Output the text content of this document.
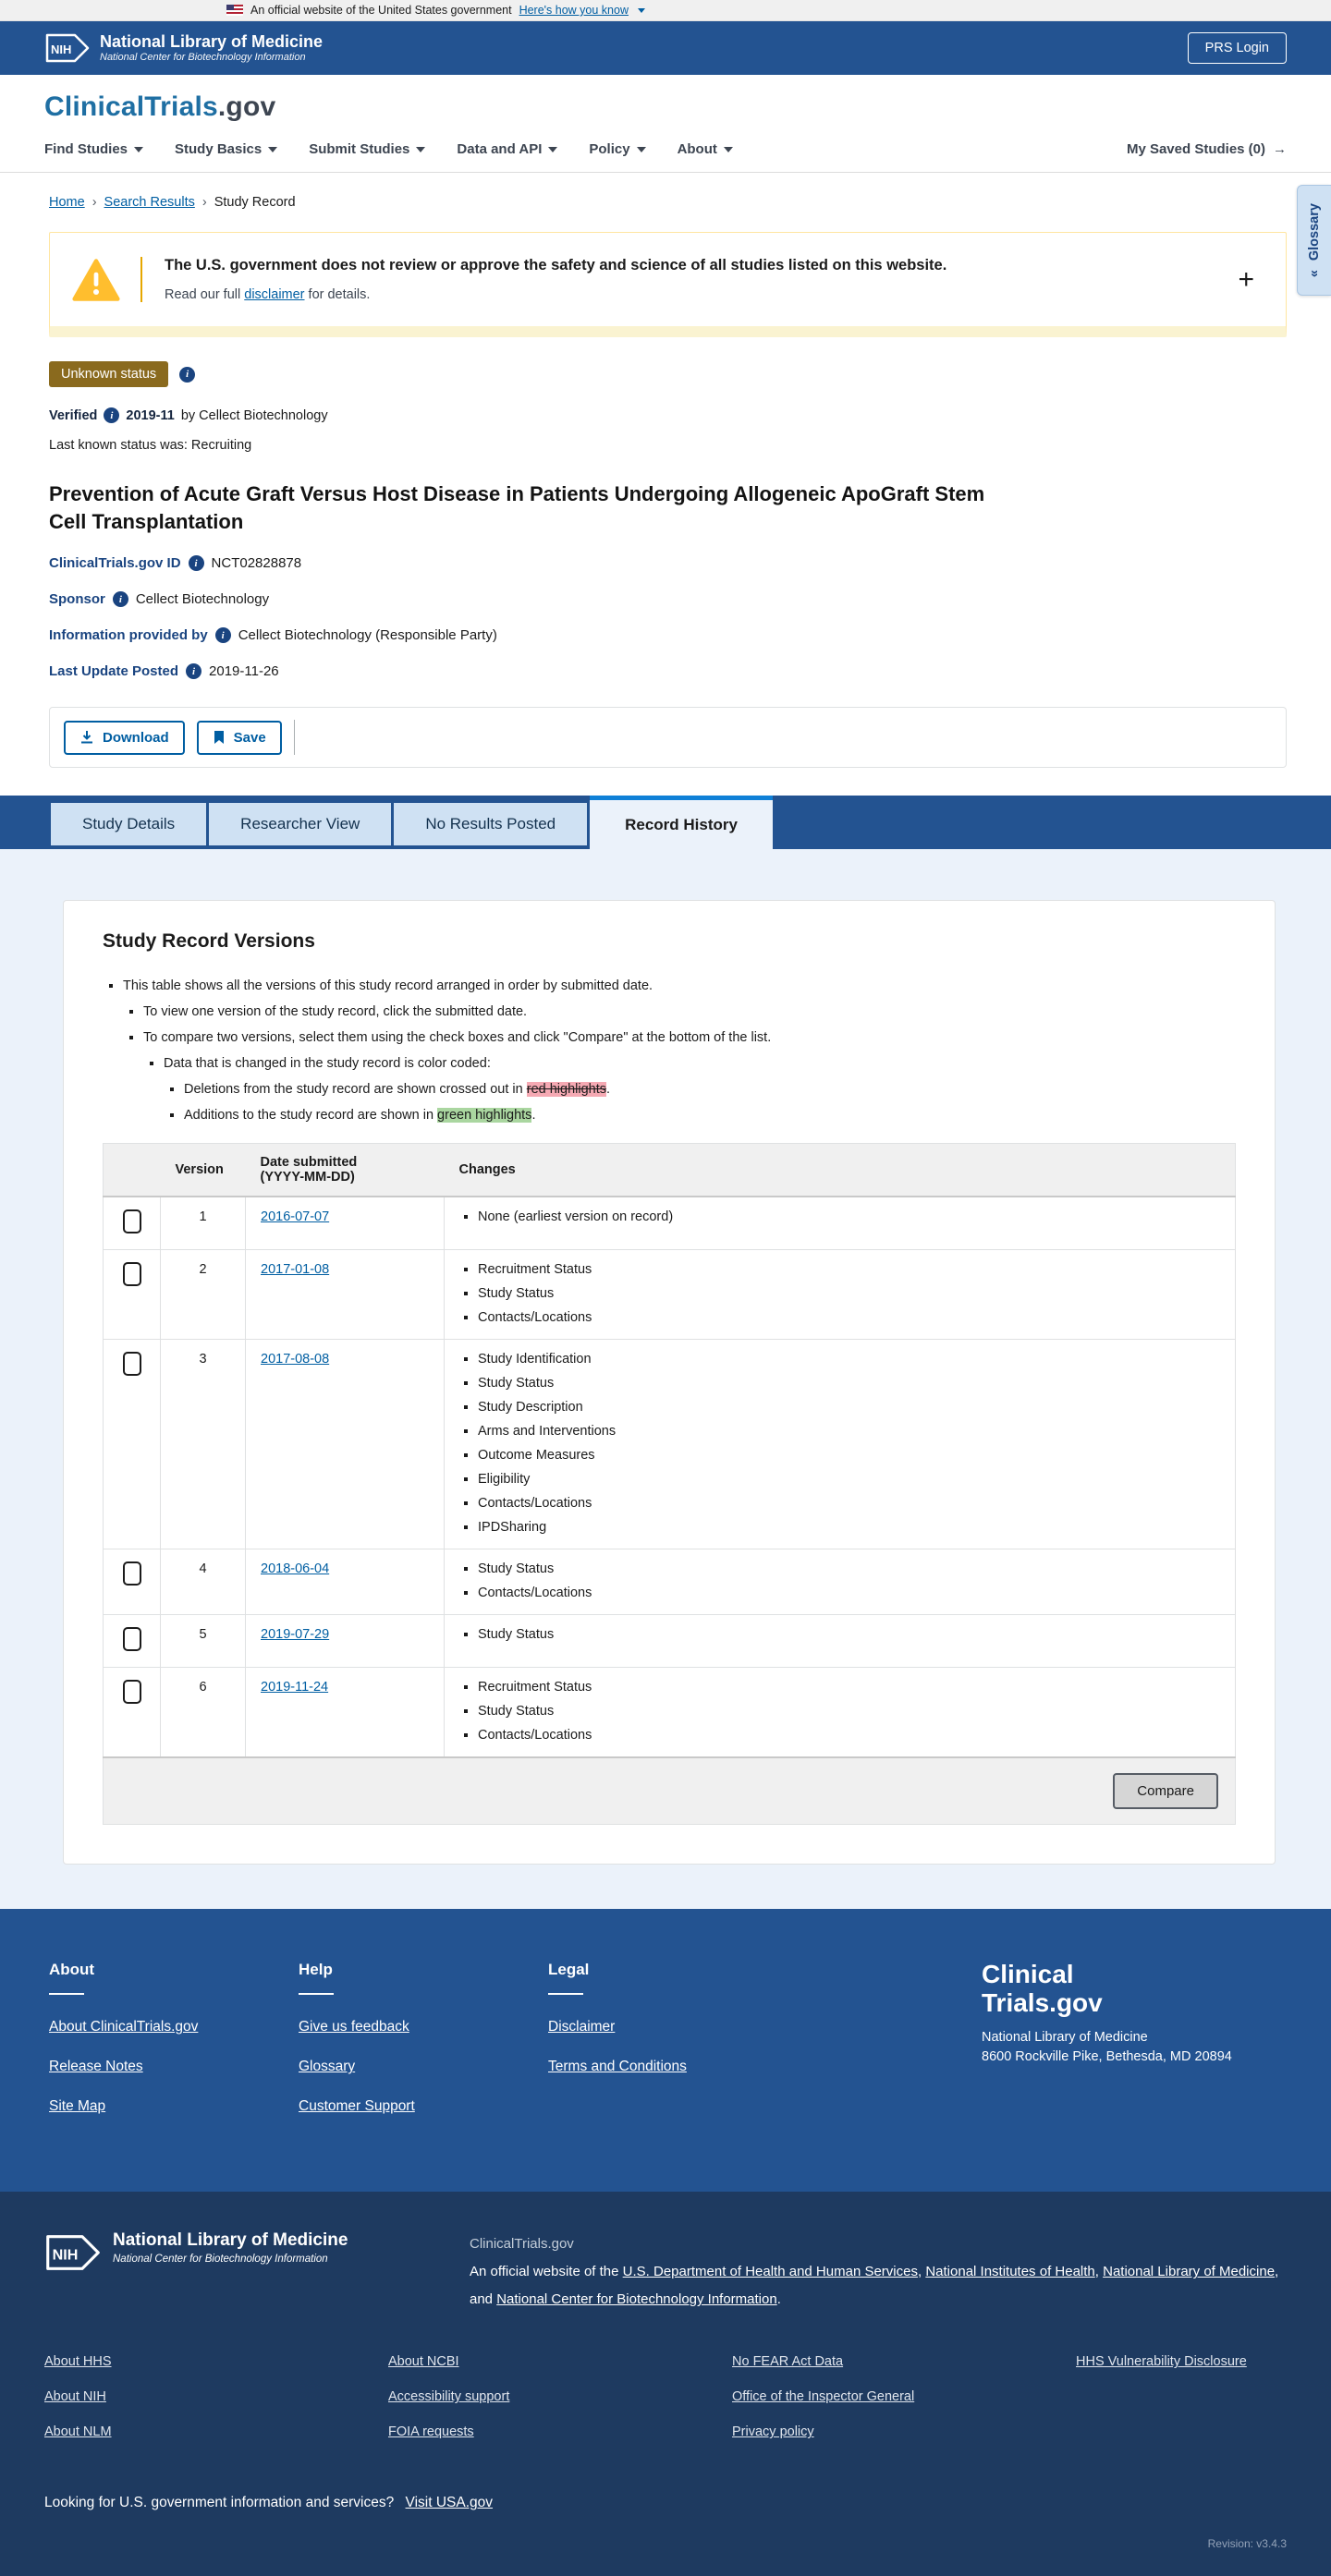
An official website of the United States government Here's how you know
NIH National Library of Medicine
National Center for Biotechnology Information
PRS Login
ClinicalTrials.gov
Find Studies	Study Basics	Submit Studies	Data and API	Policy	About	My Saved Studies (0) →
Home › Search Results › Study Record
«
Glossary
The U.S. government does not review or approve the safety and science of all studies listed on this website.
Read our full disclaimer for details.
+
Unknown status	i
Verified	i 2019-11 by Cellect Biotechnology
Last known status was: Recruiting
Prevention of Acute Graft Versus Host Disease in Patients Undergoing Allogeneic ApoGraft Stem Cell Transplantation
ClinicalTrials.gov ID	i NCT02828878
Sponsor	i Cellect Biotechnology
Information provided by	i Cellect Biotechnology (Responsible Party)
Last Update Posted	i 2019-11-26
Download	Save
Study Details	Researcher View	No Results Posted	Record History
Study Record Versions
▪ This table shows all the versions of this study record arranged in order by submitted date.
▪ To view one version of the study record, click the submitted date.
▪ To compare two versions, select them using the check boxes and click "Compare" at the bottom of the list.
▪ Data that is changed in the study record is color coded:
▪ Deletions from the study record are shown crossed out in red highlights.
▪ Additions to the study record are shown in green highlights.
	Version	Date submitted
(YYYY-MM-DD)	Changes
	1	2016-07-07	
▪None (earliest version on record)

	2	2017-01-08	
▪Recruitment Status
▪ Study Status
▪ Contacts/Locations

	3	2017-08-08	
▪Study Identification
▪ Study Status
▪ Study Description
▪ Arms and Interventions
▪ Outcome Measures
▪ Eligibility
▪ Contacts/Locations
▪ IPDSharing

	4	2018-06-04	
▪Study Status
▪ Contacts/Locations

	5	2019-07-29	
▪Study Status

	6	2019-11-24	
▪Recruitment Status
▪ Study Status
▪ Contacts/Locations

Compare			
About
About ClinicalTrials.gov
Release Notes
Site Map
Help
Give us feedback
Glossary
Customer Support
Legal
Disclaimer
Terms and Conditions
Clinical
Trials.gov
National Library of Medicine
8600 Rockville Pike, Bethesda, MD 20894
NIH
National Library of Medicine
National Center for Biotechnology Information
ClinicalTrials.gov
An official website of the U.S. Department of Health and Human Services, National Institutes of Health, National Library of Medicine, and National Center for Biotechnology Information.
About HHS
About NIH
About NLM
About NCBI
Accessibility support
FOIA requests
No FEAR Act Data
Office of the Inspector General
Privacy policy
HHS Vulnerability Disclosure
Looking for U.S. government information and services? Visit USA.gov
Revision: v3.4.3
